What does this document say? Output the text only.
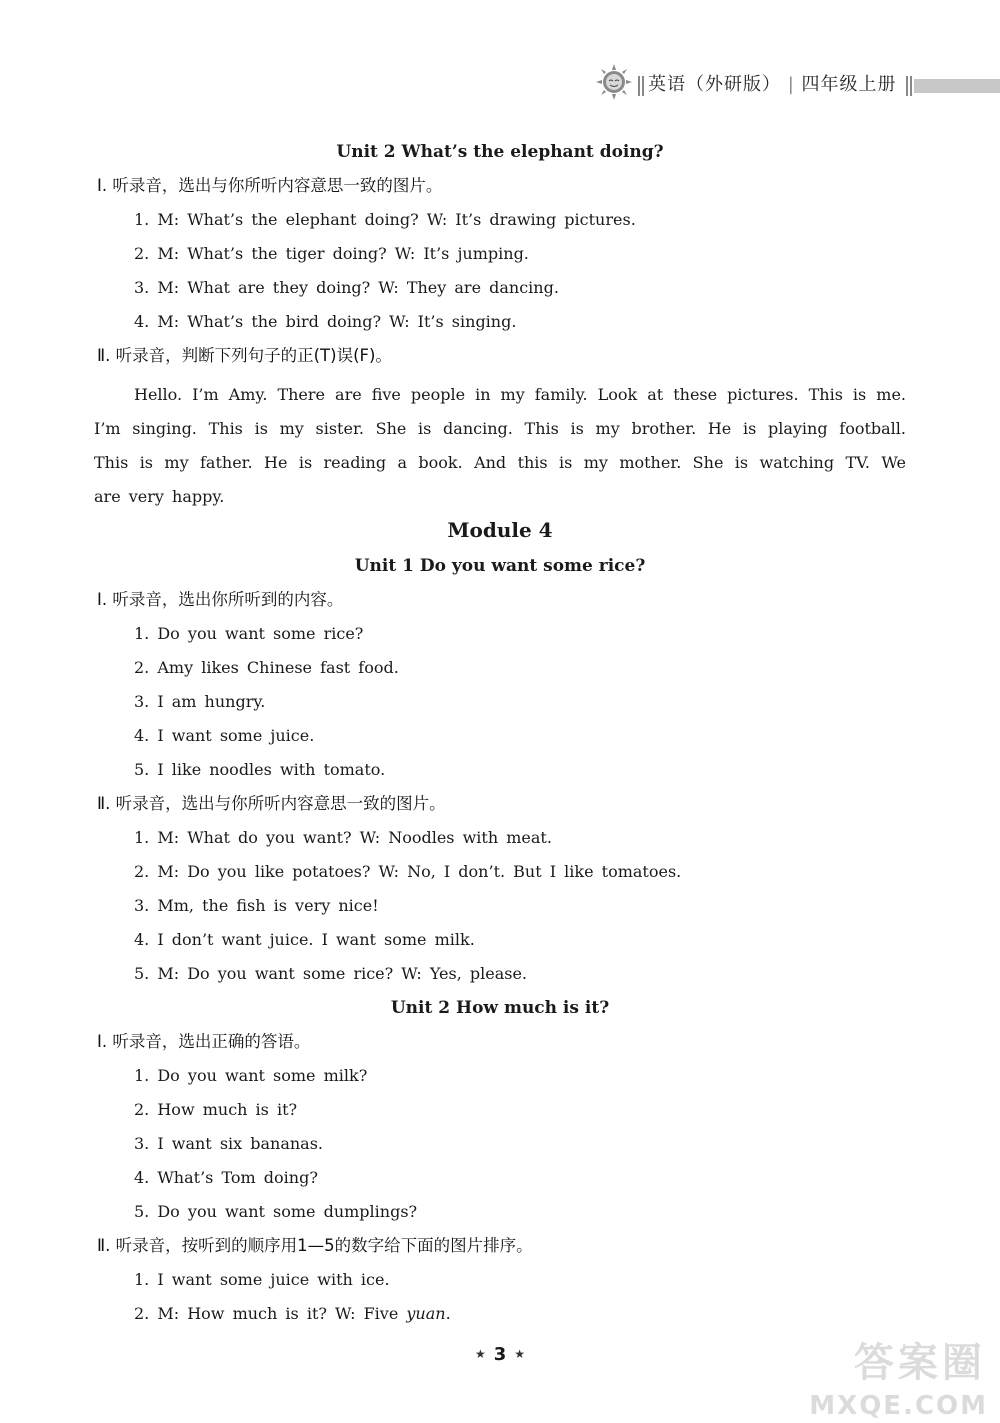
英语（外研版） | 四年级上册
Unit 2 What’s the elephant doing?
Ⅰ. 听录音，选出与你所听内容意思一致的图片。
1. M: What’s the elephant doing? W: It’s drawing pictures.
2. M: What’s the tiger doing? W: It’s jumping.
3. M: What are they doing? W: They are dancing.
4. M: What’s the bird doing? W: It’s singing.
Ⅱ. 听录音，判断下列句子的正(T)误(F)。
Hello. I’m Amy. There are five people in my family. Look at these pictures. This is me.
I’m singing. This is my sister. She is dancing. This is my brother. He is playing football.
This is my father. He is reading a book. And this is my mother. She is watching TV. We
are very happy.
Module 4
Unit 1 Do you want some rice?
Ⅰ. 听录音，选出你所听到的内容。
1. Do you want some rice?
2. Amy likes Chinese fast food.
3. I am hungry.
4. I want some juice.
5. I like noodles with tomato.
Ⅱ. 听录音，选出与你所听内容意思一致的图片。
1. M: What do you want? W: Noodles with meat.
2. M: Do you like potatoes? W: No, I don’t. But I like tomatoes.
3. Mm, the fish is very nice!
4. I don’t want juice. I want some milk.
5. M: Do you want some rice? W: Yes, please.
Unit 2 How much is it?
Ⅰ. 听录音，选出正确的答语。
1. Do you want some milk?
2. How much is it?
3. I want six bananas.
4. What’s Tom doing?
5. Do you want some dumplings?
Ⅱ. 听录音，按听到的顺序用1—5的数字给下面的图片排序。
1. I want some juice with ice.
2. M: How much is it? W: Five yuan.
★ 3 ★	答案圈
MXQE.COM
